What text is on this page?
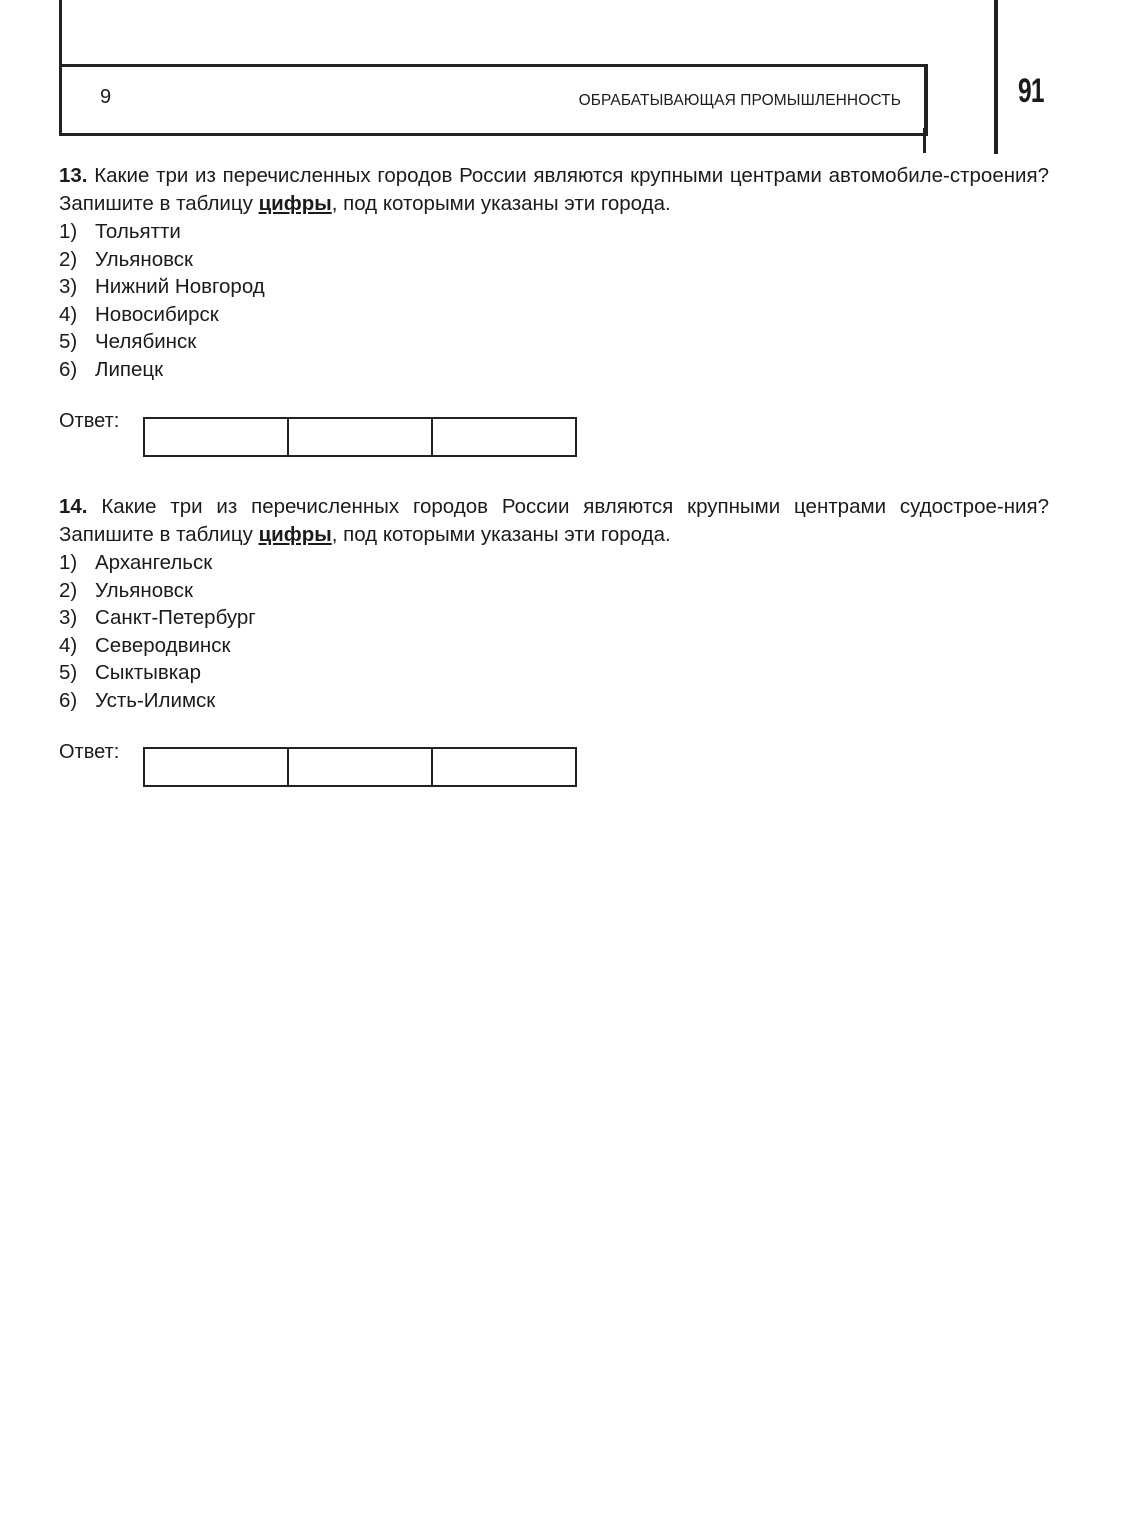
9	ОБРАБАТЫВАЮЩАЯ ПРОМЫШЛЕННОСТЬ	91
13. Какие три из перечисленных городов России являются крупными центрами автомобиле-строения? Запишите в таблицу цифры, под которыми указаны эти города.
1) Тольятти
2) Ульяновск
3) Нижний Новгород
4) Новосибирск
5) Челябинск
6) Липецк
Ответ:

14. Какие три из перечисленных городов России являются крупными центрами судострое-ния? Запишите в таблицу цифры, под которыми указаны эти города.
1) Архангельск
2) Ульяновск
3) Санкт-Петербург
4) Северодвинск
5) Сыктывкар
6) Усть-Илимск
Ответ:
